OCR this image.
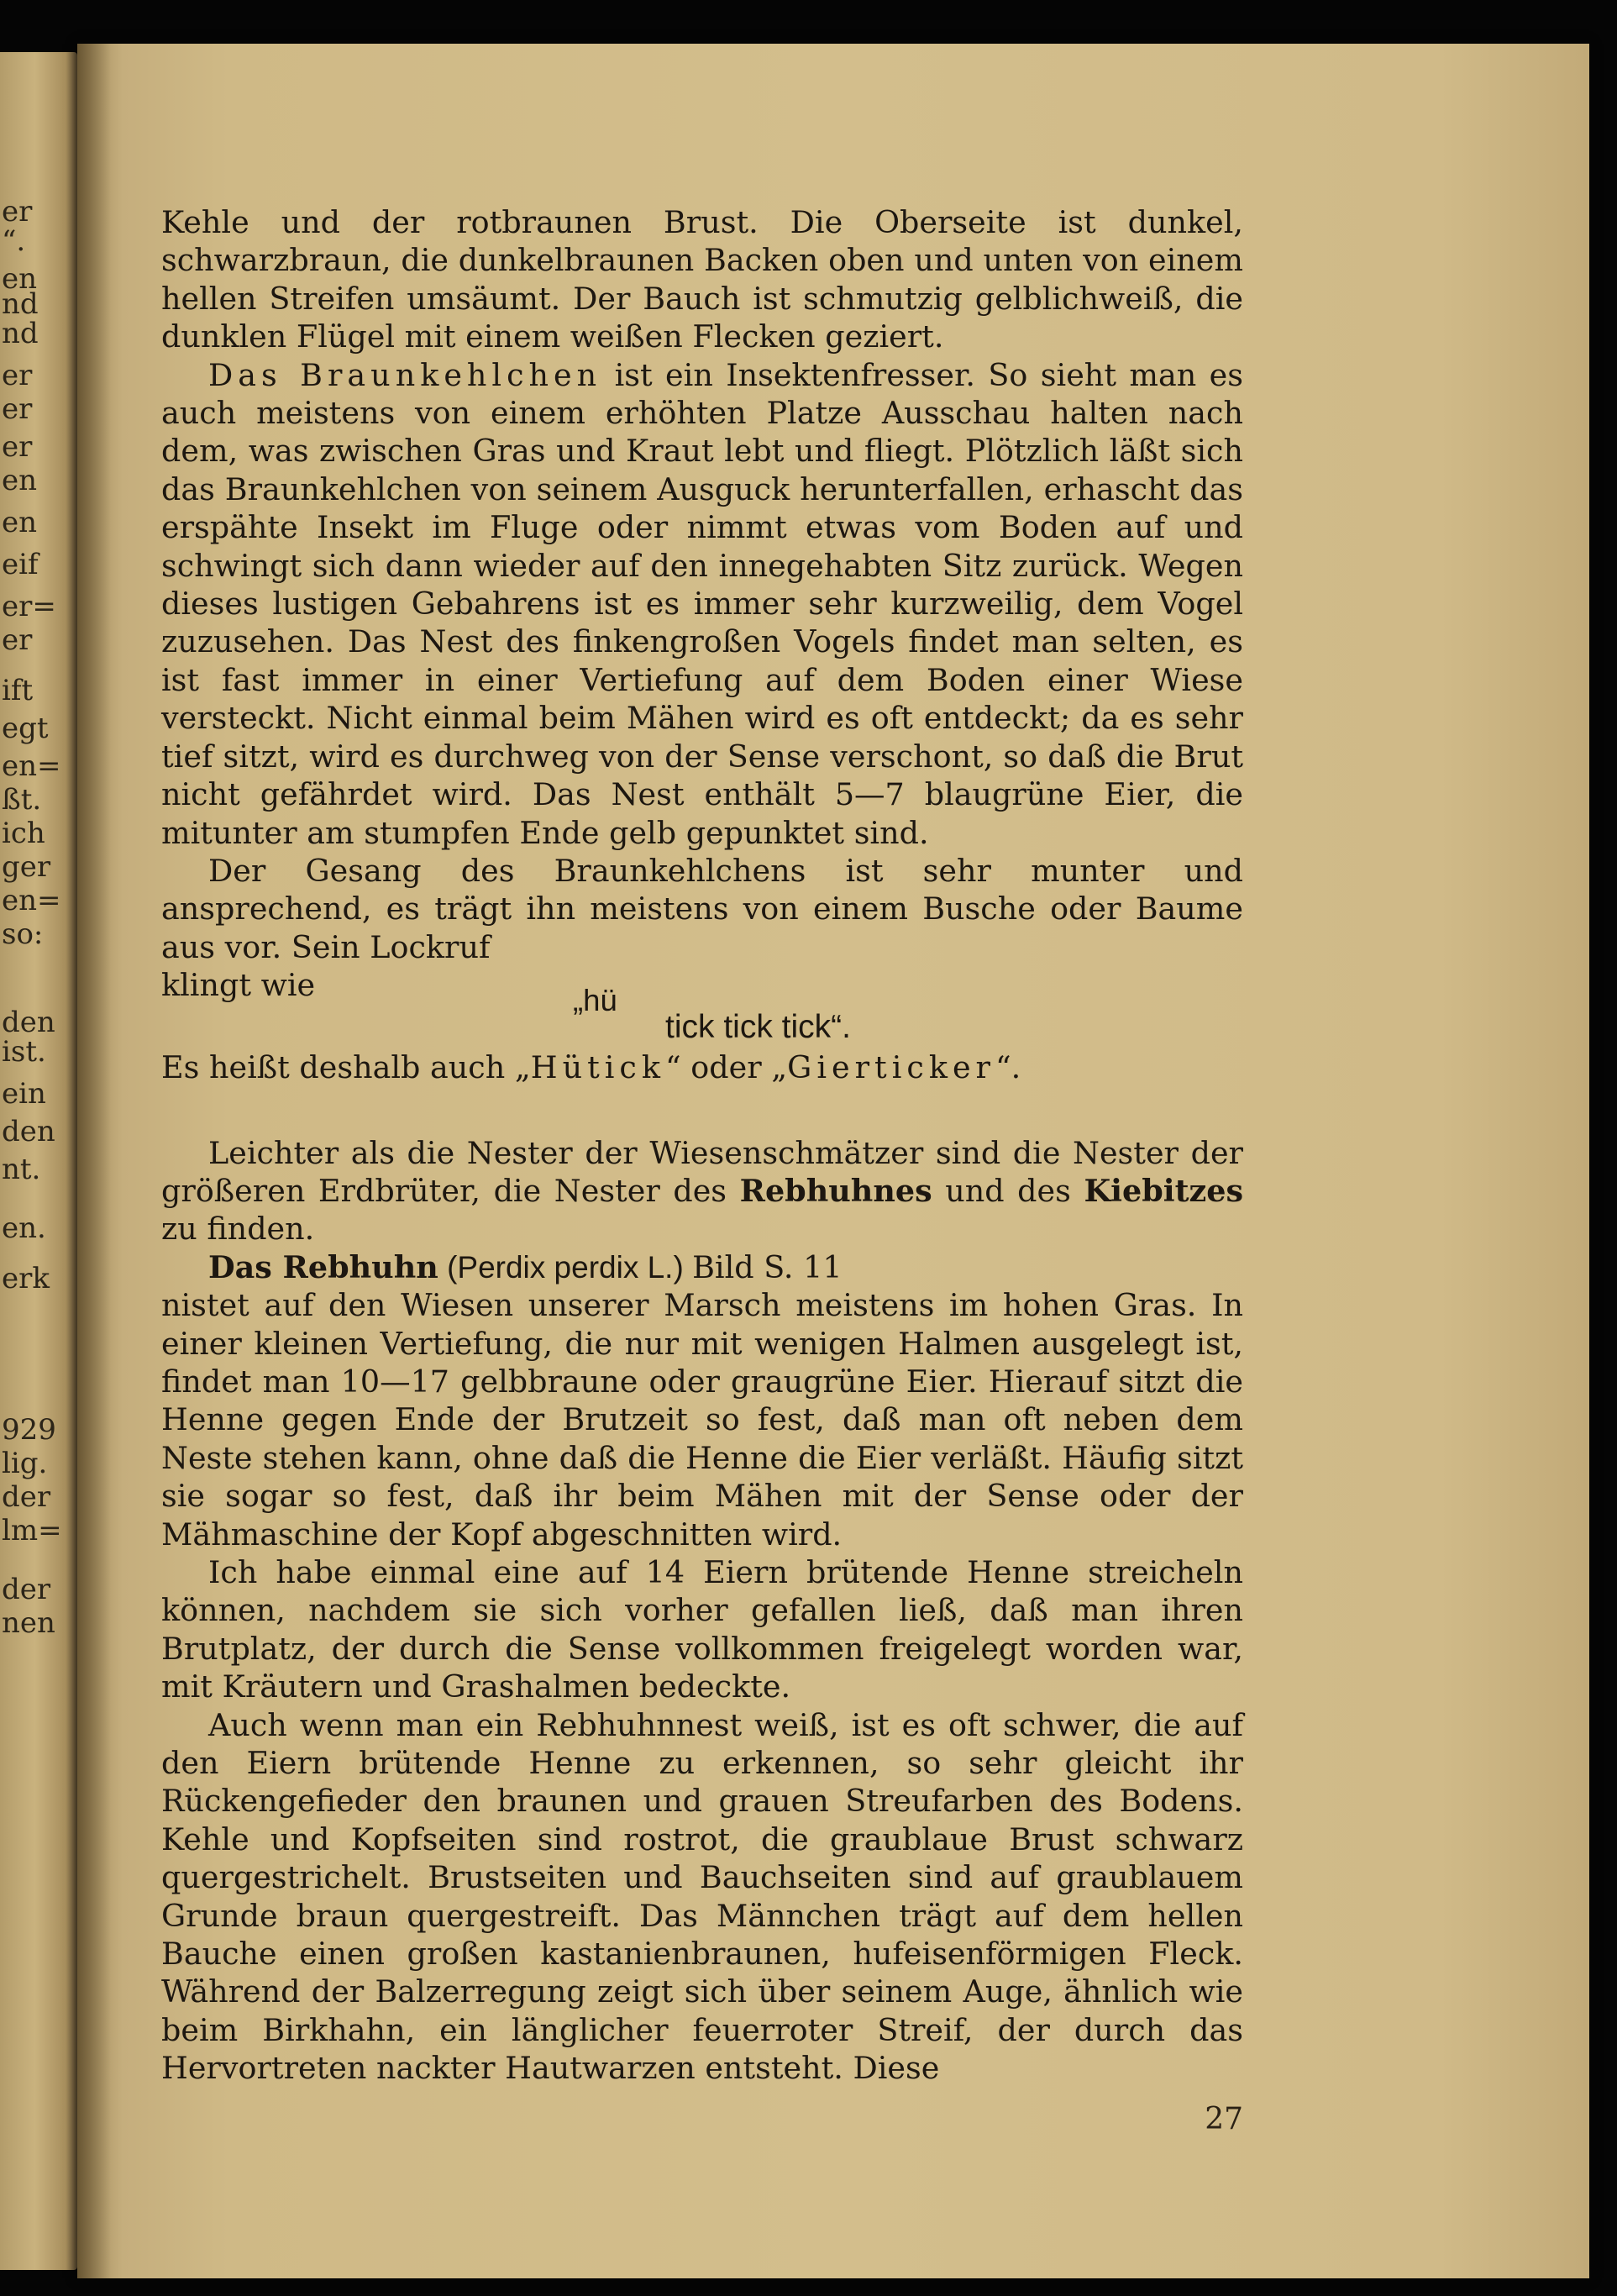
er
“.
en
nd
nd
er
er
er
en
en
eif
er=
er
ift
egt
en=
ßt.
ich
ger
en=
so:
den
ist.
ein
den
nt.
en.
erk
929
lig.
der
lm=
der
nen

Kehle und der rotbraunen Brust. Die Oberseite ist dunkel, schwarzbraun, die dunkelbraunen Backen oben und unten von einem hellen Streifen umsäumt. Der Bauch ist schmutzig gelblichweiß, die dunklen Flügel mit einem weißen Flecken geziert.

Das Braunkehlchen ist ein Insektenfresser. So sieht man es auch meistens von einem erhöhten Platze Ausschau halten nach dem, was zwischen Gras und Kraut lebt und fliegt. Plötzlich läßt sich das Braunkehlchen von seinem Ausguck herunterfallen, erhascht das erspähte Insekt im Fluge oder nimmt etwas vom Boden auf und schwingt sich dann wieder auf den innegehabten Sitz zurück. Wegen dieses lustigen Gebahrens ist es immer sehr kurzweilig, dem Vogel zuzusehen. Das Nest des finkengroßen Vogels findet man selten, es ist fast immer in einer Vertiefung auf dem Boden einer Wiese versteckt. Nicht einmal beim Mähen wird es oft entdeckt; da es sehr tief sitzt, wird es durchweg von der Sense verschont, so daß die Brut nicht gefährdet wird. Das Nest enthält 5—7 blaugrüne Eier, die mitunter am stumpfen Ende gelb gepunktet sind.

Der Gesang des Braunkehlchens ist sehr munter und ansprechend, es trägt ihn meistens von einem Busche oder Baume aus vor. Sein Lockruf

klingt wie	„hü
tick tick tick“.

Es heißt deshalb auch „Hütick“ oder „Gierticker“.

Leichter als die Nester der Wiesenschmätzer sind die Nester der größeren Erdbrüter, die Nester des Rebhuhnes und des Kiebitzes zu finden.

Das Rebhuhn (Perdix perdix L.) Bild S. 11

nistet auf den Wiesen unserer Marsch meistens im hohen Gras. In einer kleinen Vertiefung, die nur mit wenigen Halmen ausgelegt ist, findet man 10—17 gelbbraune oder graugrüne Eier. Hierauf sitzt die Henne gegen Ende der Brutzeit so fest, daß man oft neben dem Neste stehen kann, ohne daß die Henne die Eier verläßt. Häufig sitzt sie sogar so fest, daß ihr beim Mähen mit der Sense oder der Mähmaschine der Kopf abgeschnitten wird.

Ich habe einmal eine auf 14 Eiern brütende Henne streicheln können, nachdem sie sich vorher gefallen ließ, daß man ihren Brutplatz, der durch die Sense vollkommen freigelegt worden war, mit Kräutern und Grashalmen bedeckte.

Auch wenn man ein Rebhuhnnest weiß, ist es oft schwer, die auf den Eiern brütende Henne zu erkennen, so sehr gleicht ihr Rückengefieder den braunen und grauen Streufarben des Bodens. Kehle und Kopfseiten sind rostrot, die graublaue Brust schwarz quergestrichelt. Brustseiten und Bauchseiten sind auf graublauem Grunde braun quergestreift. Das Männchen trägt auf dem hellen Bauche einen großen kastanienbraunen, hufeisenförmigen Fleck. Während der Balzerregung zeigt sich über seinem Auge, ähnlich wie beim Birkhahn, ein länglicher feuerroter Streif, der durch das Hervortreten nackter Hautwarzen entsteht. Diese

27
